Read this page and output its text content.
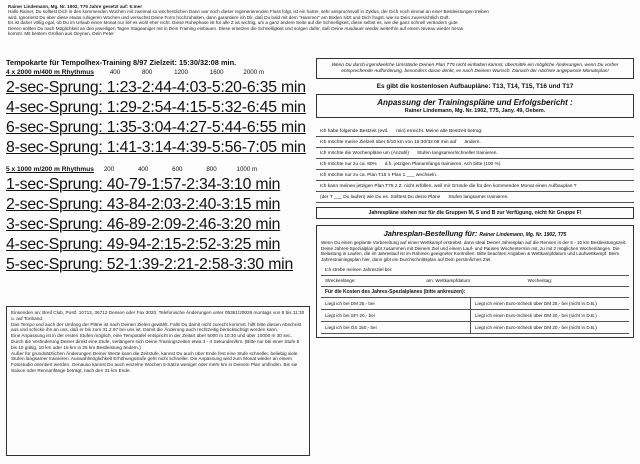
Rainer Lindemann, Mg. Nr. 1902, T75 Jahre gesetzt auf: 6:mer
Hallo Rainer, Du solltest Dich in den kommenden Wochen mit zweimal so wöchentlichen Dann war noch dieser regenerierenden Fluss folgt, ist ein harter, sehr anspruchsvoll in Zyklus, der Dich noch einmal an einer Bestleistungen treiben
wird. Ignorierst Du aber diese etwas ruhigeren Wochen und versuchst Deine Form hochzuhalten, dann garantiere ich Dir, daß Du bald mit dem "Hammer" am Boden sitzt und Dich fragst, wie so Dein zuversichtlich Duft.
Es ist daher völlig egal, ob Du im Urlaub einen Monat nur lief es wohl eher nicht. Diese Ruhephase ist für alle Z as wichtig, um a ganz andere Seite auf die Schnelligkeit, diese selbst es, wie die ganz schnell verändern gute.
Denen sollten Du nach Möglichkeit an den jeweiligen Tagen Stageaniger mit in Dein Training einbauen. Diese ersetzen die Schnelligkeit und sorgen dafür, daß Deine Ausdauer wieder weiterhin auf einem Niveau wieder heran
kommt. Mit bestem Grüßen aus Oeynen, Dein Peter
Tempokarte für Tempolhex-Training 8/97 Zielzeit: 15:30/32:08 min.
4 x 2000 m/400 m Rhythmus	400	800	1200	1600	2000 m
2-sec-Sprung: 1:23-2:44-4:03-5:20-6:35 min
4-sec-Sprung: 1:29-2:54-4:15-5:32-6:45 min
6-sec-Sprung: 1:35-3:04-4:27-5:44-6:55 min
8-sec-Sprung: 1:41-3:14-4:39-5:56-7:05 min
5 x 1000 m/200 m Rhythmus 200	400	600	800	1000 m
1-sec-Sprung: 40-79-1:57-2:34-3:10 min
2-sec-Sprung: 43-84-2:03-2:40-3:15 min
3-sec-Sprung: 46-89-2:09-2:46-3:20 min
4-sec-Sprung: 49-94-2:15-2:52-3:25 min
5-sec-Sprung: 52-1:39-2:21-2:58-3:30 min

Einsenden an: Breif Club, Postf. 10713, 36712 Dessen oder Fax 3020. Telefonische Änderungen unter 05361/20026 montags von 8 bis 11:30 u. auf Tonband.

Das Tempo und auch der Umfang der Pläne ist nach Deinen Zielen gewählt. Falls Du damit nicht zurecht kommst, hilft bitte diesen Abschnitt aus und schicke ihn an uns, daß er bis zum 31.2.97 bei uns ist. Damit die Änderung auch rechtzeitig berücksichtigt werden kann.

Eine Anpassung ist in der ersten Stufen möglich, eine Tempotafel entspricht in der Zeitart über 5000 m 10:30 und über 10000 m 30 sec. Durch die Veränderung Deiner direkt eine Stufe, verlängern sich Deine Trainingszeiten etwa 3 - 4 Sekunden/km. (Bitte nur bei einer Stufe 5 bis 10 gültig, 10 km oder 16 km in 25 km Bestleistung ändern.)

Außer für grundsätzlichen Änderungen Deiner Werte kann die Zeitstufe, kannst Du auch über Ende fest eine Stufe schneller, beliebig viele Stufen langsamer trainieren. Auswahlmöglichkeit Erhöhungsstufe geht nicht schneller. Die Anpassung wird zum Monat wieder an einem Fotostudio orientiert werden. Genauso kannst Du auch einzelne Wochen 5-Sätze weniger oder mehr km in Deinem Plan umfinden. Bis sie Saison oder Rennanfänge beträgt, nach den 31 km Ende.

Wenn Du durch irgendwelche Umstände Deinen Plan T75 nicht einhalten kannst, übermittle ein mögliche Änderungen, wenn Du vorher entsprechende Aufforderung, besonders daran denkt, es nach Deinem Wunsch. Danach der nächste angepasste Monatsplan!
Es gibt die kostenlosen Aufbaupläne: T13, T14, T15, T16 und T17
Anpassung der Trainingspläne und Erfolgsbericht :
Rainer Lindemann, Mg. Nr. 1902, T75, Jany. 49, Oebem.
Ich habe folgende Bestzeit (evtl. min) erreicht. Meine alte Bestzeit betrug:
Ich möchte meine Zielzeit über 5/10 km von 15:30/32:08 min auf ändern.
Ich möchte die Wochenpläne um (Anzahl) Stufen langsamer/schneller trainieren.
Ich möchte nur zu ca. 80% d.h. jetzigen Planumfangs trainieren. Ach bitte (100 %)
Ich möchte nur zu ca. Plan T15 n Plan 1 ___ wechseln.
Ich kann meinen jetzigen Plan T75 z.Z. nicht erfüllen, weil mir Gründe die für den kommenden Monat einen Aufbauplan T
(der T ___ Du laufen) wie Du es. Solltest Du deine Pläne Stufen langsamer trainieren.
Jahrespläne stehen nur für die Gruppen M, S und B zur Verfügung, nicht für Gruppe F!
Jahresplan-Bestellung für: Rainer Lindemann, Mg. Nr. 1902, T75
Wenn Du einen geplante Vorbereitung auf einen Wettkampf erstrebst, dann Ideal Deiner Jahresplan auf die Rennen in der 5 - 10 km Bestleistungszeit. Deine Jahres-Spezialplan gibt zusammen mit Deinem Ziel und einem Lauf- und Pausen Wochentermin mit, zu mit 2 möglichen Wochenlängen. Die Belastung in Laufen, die im Jahreslauf ist im Rahmen geeigneter Kontrollen. Bitte beachten Angaben & Wettkampfdatum und Laufwettkampf. Beim Jahrestrainingsplan hier, dann gibt ein Durchschnittsplan auf Dein persönliches Ziel.
Ich strebe meinen Jahresziel bei:
Streckenlänge:	am: Wettkampfdatum:	Wochentag:
Für die Kosten des Jahres-Spezialplanes (bitte ankreuzen):
Liegt ich bei DM 25,- bei	Liegt ich einen Euro-Scheck über DM 25,- bei (nicht in D.B.)
Liegt ich bei SFr 20,- bei	Liegt ich einen Euro-Scheck über DM 20,- bei (nicht in D.B.)
Liegt ich bei ÖS 150,- bei	Liegt ich einen Euro-Scheck über DM 20,- bei (nicht in D.B.)
